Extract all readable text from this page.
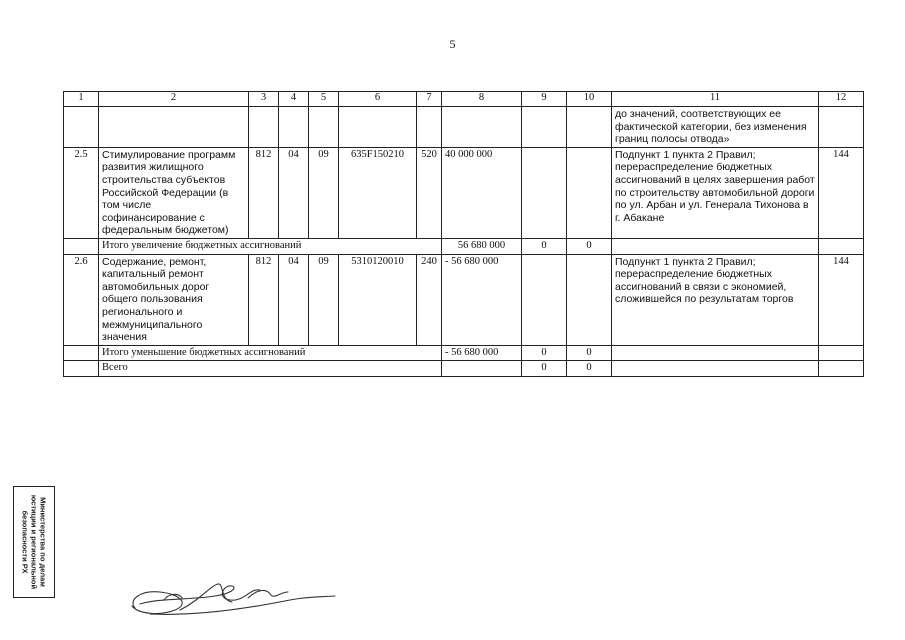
5
1	2	3	4	5	6	7	8	9	10	11	12
										до значений, соответствующих ее фактической категории, без изменения границ полосы отвода»	
2.5	Стимулирование программ развития жилищного строительства субъектов Российской Федерации (в том числе софинансирование с федеральным бюджетом)	812	04	09	635F150210	520	40 000 000			Подпункт 1 пункта 2 Правил; перераспределение бюджетных ассигнований в целях завершения работ по строительству автомобильной дороги по ул. Арбан и ул. Генерала Тихонова в г. Абакане	144
	Итого увеличение бюджетных ассигнований						56 680 000	0	0		
2.6	Содержание, ремонт, капитальный ремонт автомобильных дорог общего пользования регионального и межмуниципального значения	812	04	09	5310120010	240	- 56 680 000			Подпункт 1 пункта 2 Правил; перераспределение бюджетных ассигнований в связи с экономией, сложившейся по результатам торгов	144
	Итого уменьшение бюджетных ассигнований						- 56 680 000	0	0		
	Всего							0	0		
Министерства по делам
юстиции и региональной
безопасности РХ
